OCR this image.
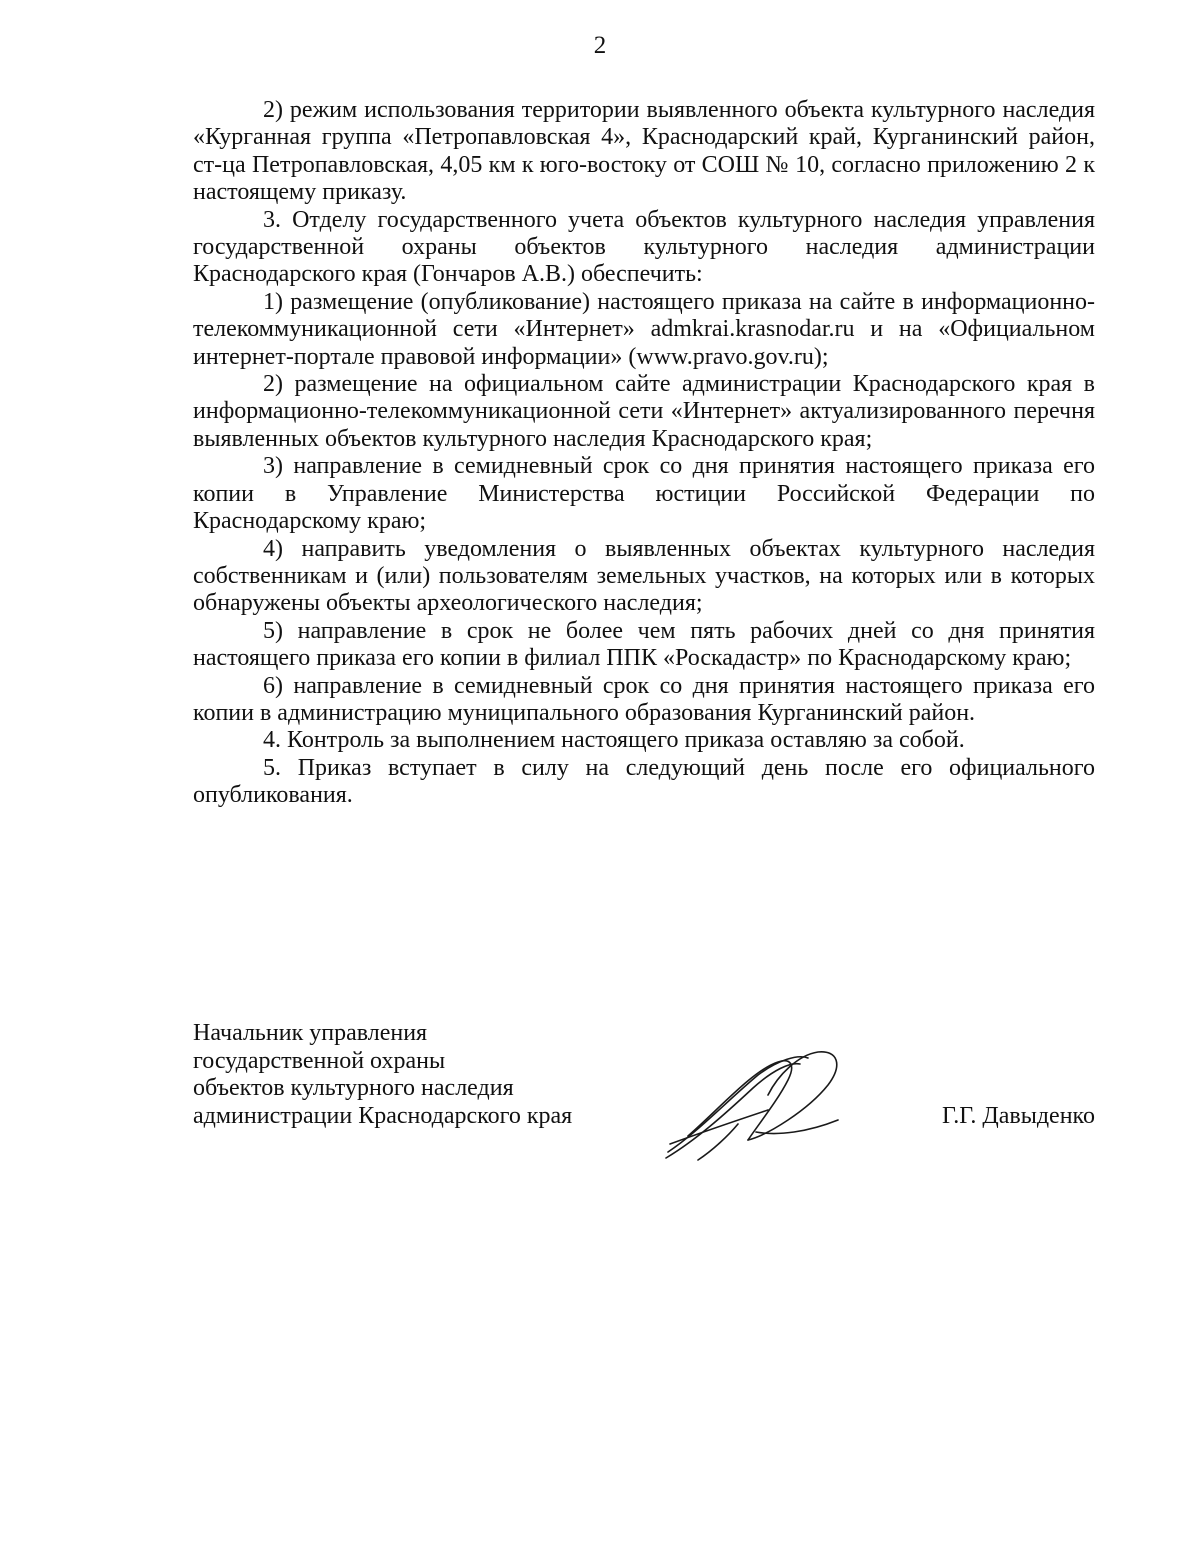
2

2) режим использования территории выявленного объекта культурного наследия «Курганная группа «Петропавловская 4», Краснодарский край, Курганинский район, ст-ца Петропавловская, 4,05 км к юго-востоку от СОШ № 10, согласно приложению 2 к настоящему приказу.

3. Отделу государственного учета объектов культурного наследия управления государственной охраны объектов культурного наследия администрации Краснодарского края (Гончаров А.В.) обеспечить:

1) размещение (опубликование) настоящего приказа на сайте в информационно-телекоммуникационной сети «Интернет» admkrai.krasnodar.ru и на «Официальном интернет-портале правовой информации» (www.pravo.gov.ru);

2) размещение на официальном сайте администрации Краснодарского края в информационно-телекоммуникационной сети «Интернет» актуализированного перечня выявленных объектов культурного наследия Краснодарского края;

3) направление в семидневный срок со дня принятия настоящего приказа его копии в Управление Министерства юстиции Российской Федерации по Краснодарскому краю;

4) направить уведомления о выявленных объектах культурного наследия собственникам и (или) пользователям земельных участков, на которых или в которых обнаружены объекты археологического наследия;

5) направление в срок не более чем пять рабочих дней со дня принятия настоящего приказа его копии в филиал ППК «Роскадастр» по Краснодарскому краю;

6) направление в семидневный срок со дня принятия настоящего приказа его копии в администрацию муниципального образования Курганинский район.

4. Контроль за выполнением настоящего приказа оставляю за собой.

5. Приказ вступает в силу на следующий день после его официального опубликования.

Начальник управления
государственной охраны
объектов культурного наследия
администрации Краснодарского края	Г.Г. Давыденко
